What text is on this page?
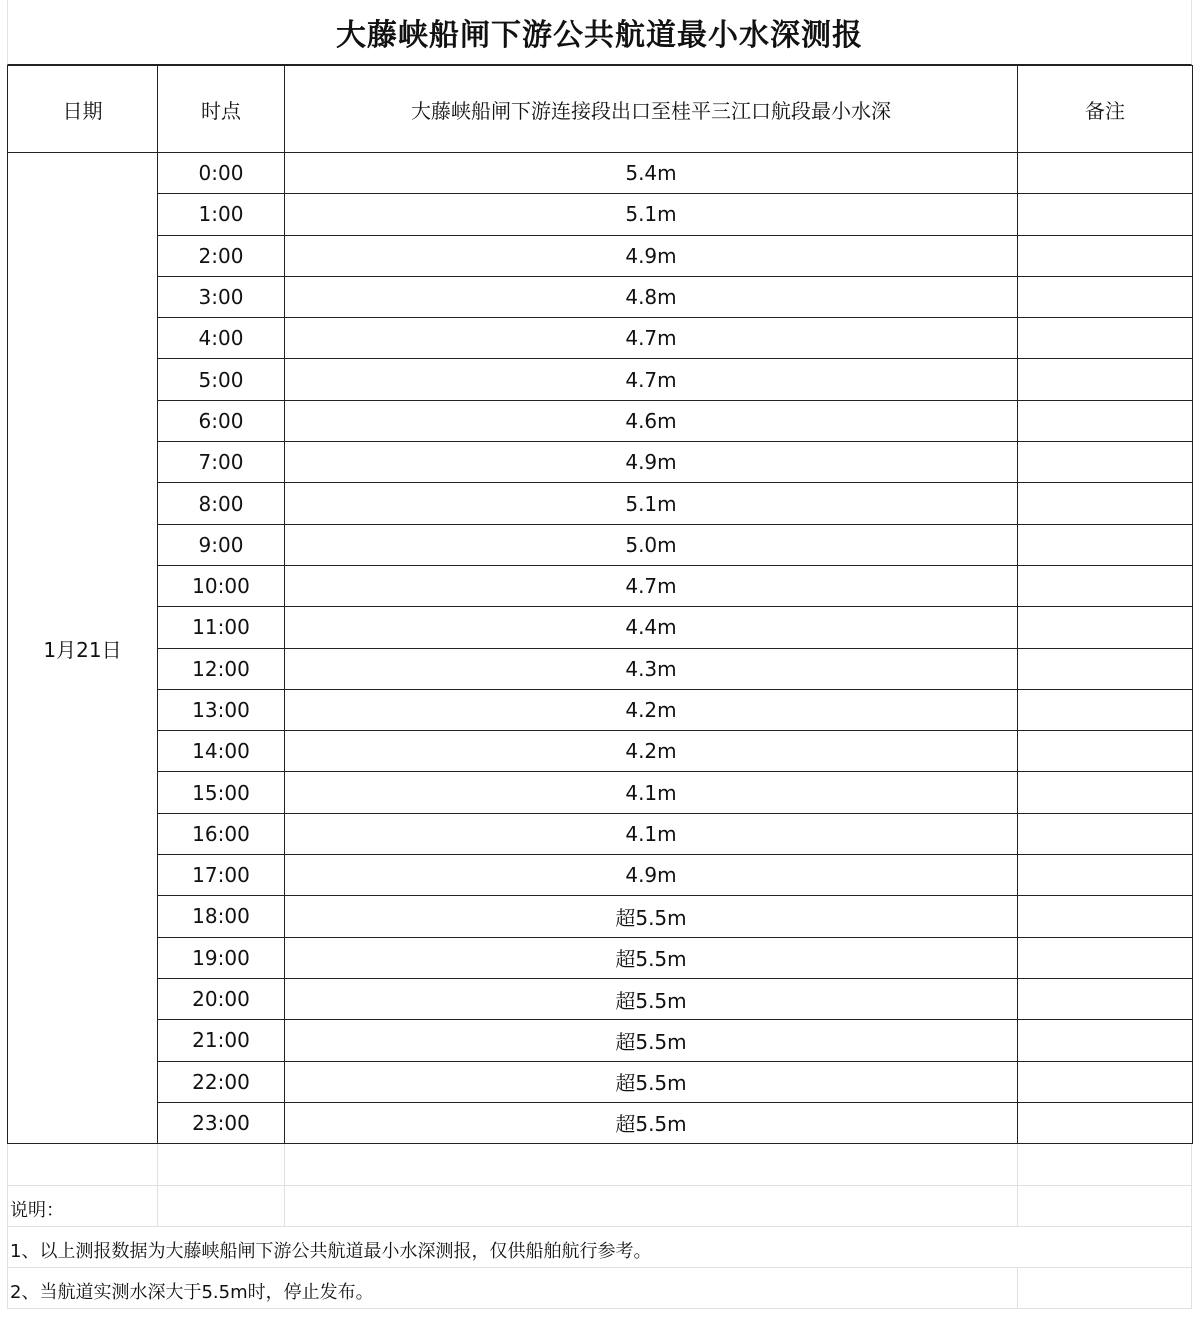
大藤峡船闸下游公共航道最小水深测报
日期	时点	大藤峡船闸下游连接段出口至桂平三江口航段最小水深	备注
1月21日	0:00	5.4m	
	1:00	5.1m	
	2:00	4.9m	
	3:00	4.8m	
	4:00	4.7m	
	5:00	4.7m	
	6:00	4.6m	
	7:00	4.9m	
	8:00	5.1m	
	9:00	5.0m	
	10:00	4.7m	
	11:00	4.4m	
	12:00	4.3m	
	13:00	4.2m	
	14:00	4.2m	
	15:00	4.1m	
	16:00	4.1m	
	17:00	4.9m	
	18:00	超5.5m	
	19:00	超5.5m	
	20:00	超5.5m	
	21:00	超5.5m	
	22:00	超5.5m	
	23:00	超5.5m	
说明：
1、以上测报数据为大藤峡船闸下游公共航道最小水深测报，仅供船舶航行参考。
2、当航道实测水深大于5.5m时，停止发布。
